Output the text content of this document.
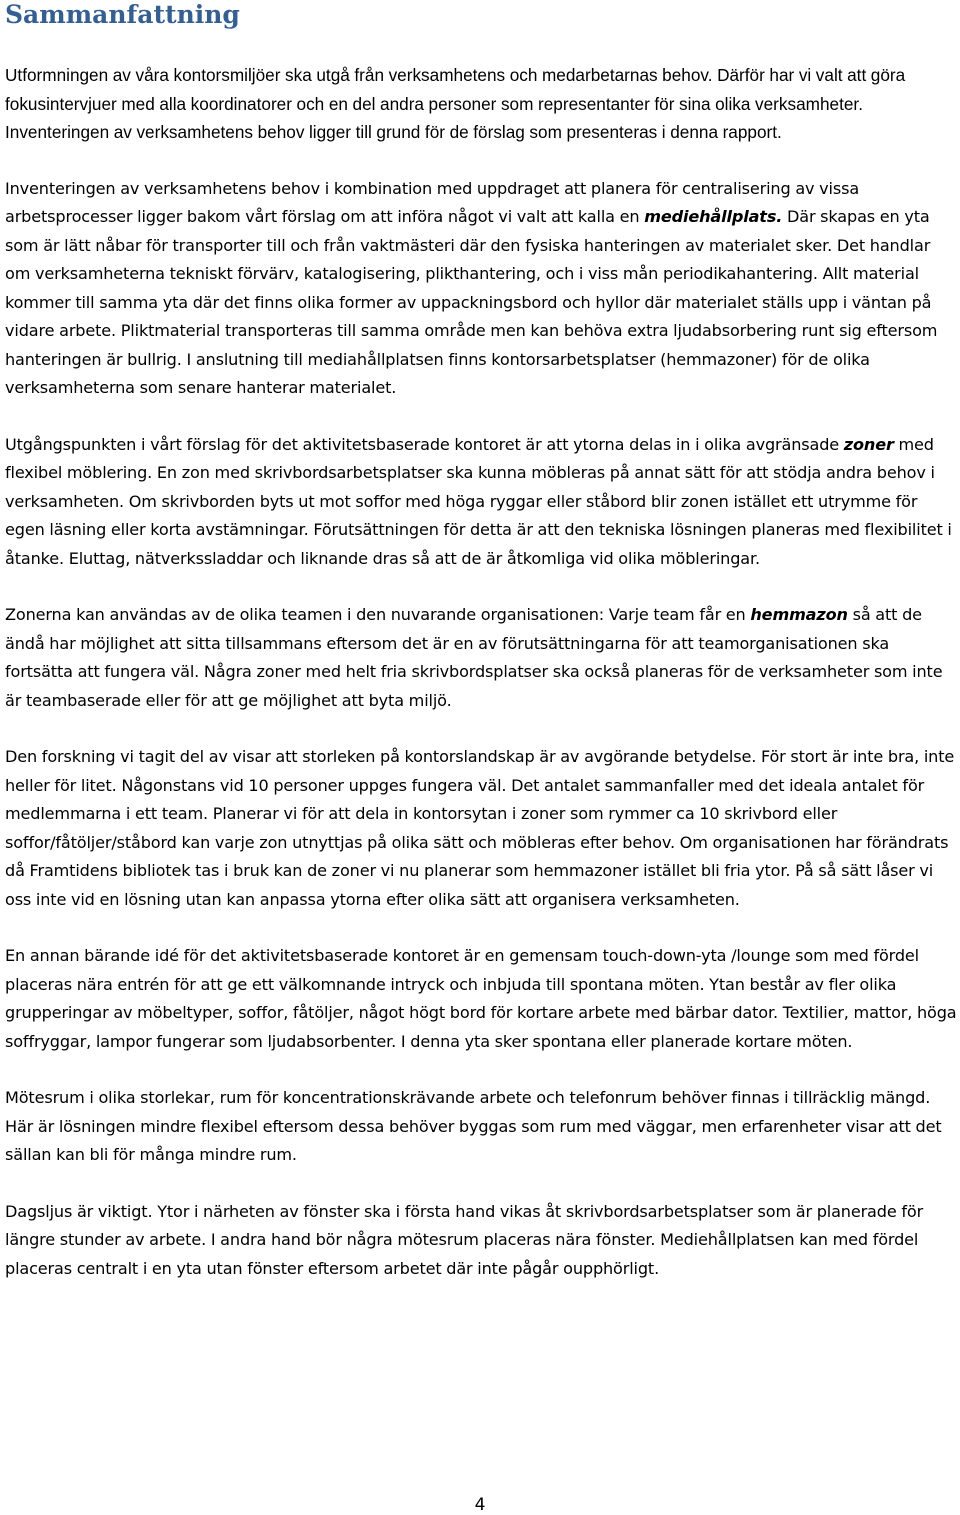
Sammanfattning

Utformningen av våra kontorsmiljöer ska utgå från verksamhetens och medarbetarnas behov. Därför har vi valt att göra fokusintervjuer med alla koordinatorer och en del andra personer som representanter för sina olika verksamheter. Inventeringen av verksamhetens behov ligger till grund för de förslag som presenteras i denna rapport.

Inventeringen av verksamhetens behov i kombination med uppdraget att planera för centralisering av vissa arbetsprocesser ligger bakom vårt förslag om att införa något vi valt att kalla en mediehållplats. Där skapas en yta som är lätt nåbar för transporter till och från vaktmästeri där den fysiska hanteringen av materialet sker. Det handlar om verksamheterna tekniskt förvärv, katalogisering, plikthantering, och i viss mån periodikahantering. Allt material kommer till samma yta där det finns olika former av uppackningsbord och hyllor där materialet ställs upp i väntan på vidare arbete. Pliktmaterial transporteras till samma område men kan behöva extra ljudabsorbering runt sig eftersom hanteringen är bullrig. I anslutning till mediahållplatsen finns kontorsarbetsplatser (hemmazoner) för de olika verksamheterna som senare hanterar materialet.

Utgångspunkten i vårt förslag för det aktivitetsbaserade kontoret är att ytorna delas in i olika avgränsade zoner med flexibel möblering. En zon med skrivbordsarbetsplatser ska kunna möbleras på annat sätt för att stödja andra behov i verksamheten. Om skrivborden byts ut mot soffor med höga ryggar eller ståbord blir zonen istället ett utrymme för egen läsning eller korta avstämningar. Förutsättningen för detta är att den tekniska lösningen planeras med flexibilitet i åtanke. Eluttag, nätverkssladdar och liknande dras så att de är åtkomliga vid olika möbleringar.

Zonerna kan användas av de olika teamen i den nuvarande organisationen: Varje team får en hemmazon så att de ändå har möjlighet att sitta tillsammans eftersom det är en av förutsättningarna för att teamorganisationen ska fortsätta att fungera väl. Några zoner med helt fria skrivbordsplatser ska också planeras för de verksamheter som inte är teambaserade eller för att ge möjlighet att byta miljö.

Den forskning vi tagit del av visar att storleken på kontorslandskap är av avgörande betydelse. För stort är inte bra, inte heller för litet. Någonstans vid 10 personer uppges fungera väl. Det antalet sammanfaller med det ideala antalet för medlemmarna i ett team. Planerar vi för att dela in kontorsytan i zoner som rymmer ca 10 skrivbord eller soffor/fåtöljer/ståbord kan varje zon utnyttjas på olika sätt och möbleras efter behov. Om organisationen har förändrats då Framtidens bibliotek tas i bruk kan de zoner vi nu planerar som hemmazoner istället bli fria ytor. På så sätt låser vi oss inte vid en lösning utan kan anpassa ytorna efter olika sätt att organisera verksamheten.

En annan bärande idé för det aktivitetsbaserade kontoret är en gemensam touch-down-yta /lounge som med fördel placeras nära entrén för att ge ett välkomnande intryck och inbjuda till spontana möten. Ytan består av fler olika grupperingar av möbeltyper, soffor, fåtöljer, något högt bord för kortare arbete med bärbar dator. Textilier, mattor, höga soffryggar, lampor fungerar som ljudabsorbenter. I denna yta sker spontana eller planerade kortare möten.

Mötesrum i olika storlekar, rum för koncentrationskrävande arbete och telefonrum behöver finnas i tillräcklig mängd. Här är lösningen mindre flexibel eftersom dessa behöver byggas som rum med väggar, men erfarenheter visar att det sällan kan bli för många mindre rum.

Dagsljus är viktigt. Ytor i närheten av fönster ska i första hand vikas åt skrivbordsarbetsplatser som är planerade för längre stunder av arbete. I andra hand bör några mötesrum placeras nära fönster. Mediehållplatsen kan med fördel placeras centralt i en yta utan fönster eftersom arbetet där inte pågår oupphörligt.

4
